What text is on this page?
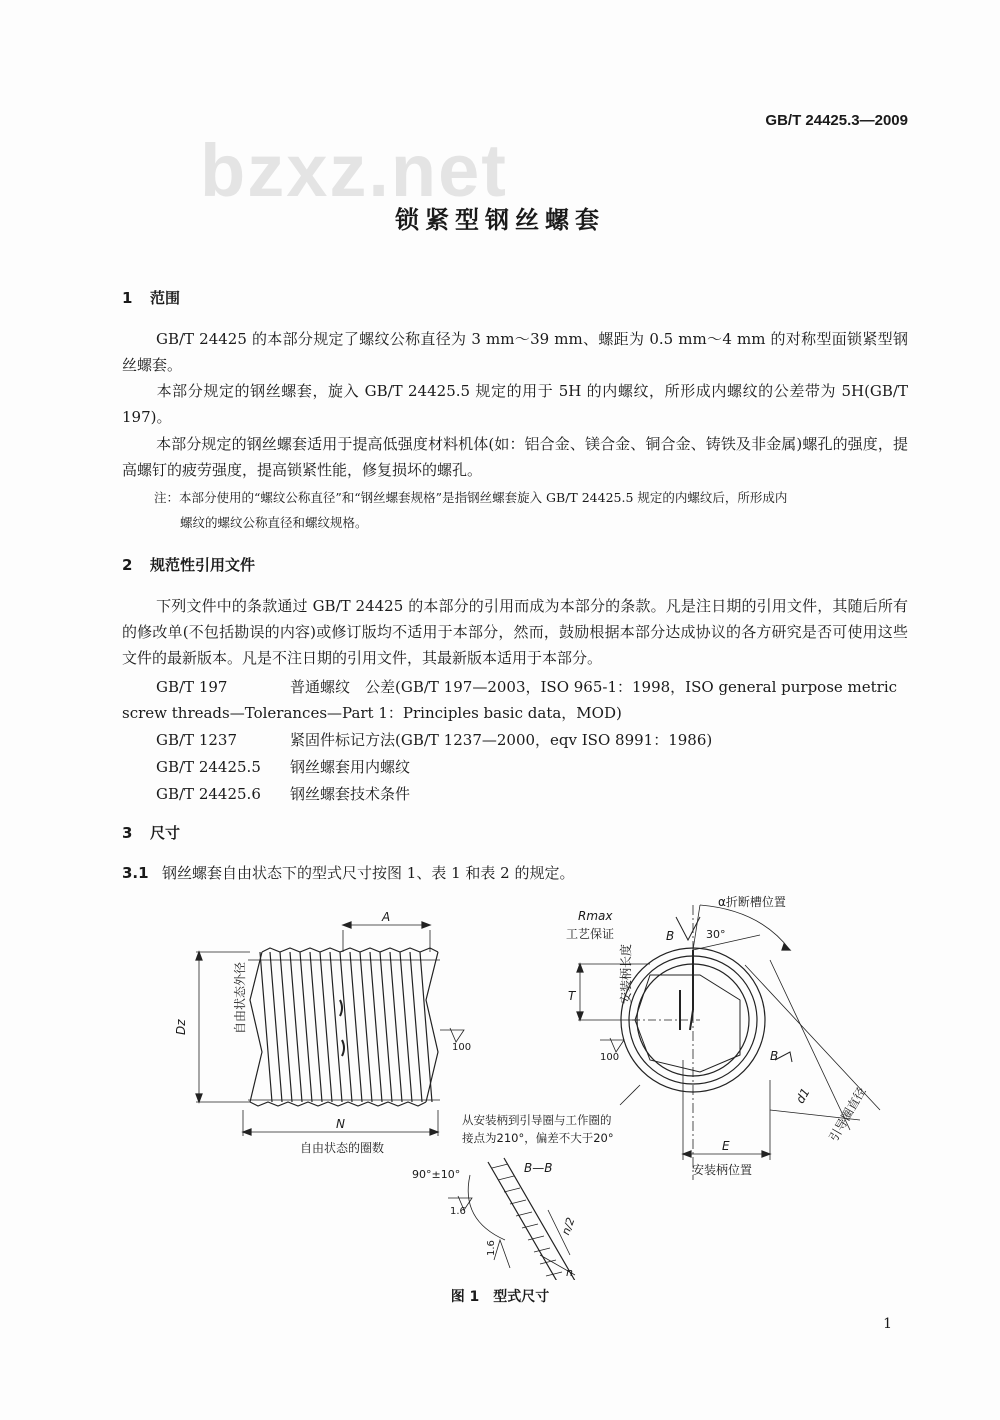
GB/T 24425.3—2009
bzxz.net
锁紧型钢丝螺套
1 范围
GB/T 24425 的本部分规定了螺纹公称直径为 3 mm～39 mm、螺距为 0.5 mm～4 mm 的对称型面锁紧型钢丝螺套。
本部分规定的钢丝螺套，旋入 GB/T 24425.5 规定的用于 5H 的内螺纹，所形成内螺纹的公差带为 5H(GB/T 197)。
本部分规定的钢丝螺套适用于提高低强度材料机体(如：铝合金、镁合金、铜合金、铸铁及非金属)螺孔的强度，提高螺钉的疲劳强度，提高锁紧性能，修复损坏的螺孔。
注：本部分使用的“螺纹公称直径”和“钢丝螺套规格”是指钢丝螺套旋入 GB/T 24425.5 规定的内螺纹后，所形成内
螺纹的螺纹公称直径和螺纹规格。
2 规范性引用文件
下列文件中的条款通过 GB/T 24425 的本部分的引用而成为本部分的条款。凡是注日期的引用文件，其随后所有的修改单(不包括勘误的内容)或修订版均不适用于本部分，然而，鼓励根据本部分达成协议的各方研究是否可使用这些文件的最新版本。凡是不注日期的引用文件，其最新版本适用于本部分。
GB/T 197	普通螺纹　公差(GB/T 197—2003，ISO 965-1：1998，ISO general purpose metric
screw threads—Tolerances—Part 1：Principles basic data，MOD)
GB/T 1237	紧固件标记方法(GB/T 1237—2000，eqv ISO 8991：1986)
GB/T 24425.5 钢丝螺套用内螺纹
GB/T 24425.6 钢丝螺套技术条件
3 尺寸
3.1 钢丝螺套自由状态下的型式尺寸按图 1、表 1 和表 2 的规定。
A
Dz	自由状态外径
100
N
自由状态的圈数
Rmax
工艺保证	B	30°
α折断槽位置
T	安装柄长度
100	B
d1 引导圈直径
从安装柄到引导圈与工作圈的
接点为210°，偏差不大于20°
E
安装柄位置
90°±10°	B—B
1.6
1.6
n/2
n
图 1　型式尺寸
1
